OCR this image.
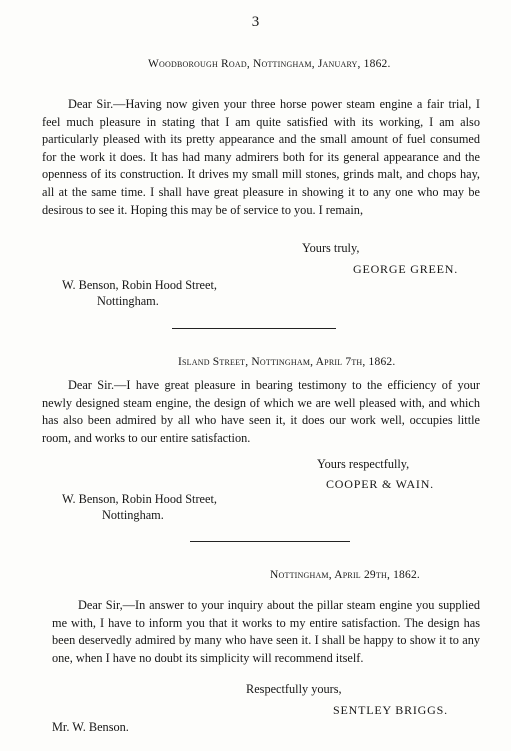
3
Woodborough Road, Nottingham, January, 1862.
Dear Sir.—Having now given your three horse power steam engine a fair trial, I feel much pleasure in stating that I am quite satisfied with its working, I am also particularly pleased with its pretty appearance and the small amount of fuel consumed for the work it does. It has had many admirers both for its general appearance and the openness of its construction. It drives my small mill stones, grinds malt, and chops hay, all at the same time. I shall have great pleasure in showing it to any one who may be desirous to see it. Hoping this may be of service to you. I remain,
Yours truly,
GEORGE GREEN.
W. Benson, Robin Hood Street,
Nottingham.
Island Street, Nottingham, April 7th, 1862.
Dear Sir.—I have great pleasure in bearing testimony to the efficiency of your newly designed steam engine, the design of which we are well pleased with, and which has also been admired by all who have seen it, it does our work well, occupies little room, and works to our entire satisfaction.
Yours respectfully,
COOPER & WAIN.
W. Benson, Robin Hood Street,
Nottingham.
Nottingham, April 29th, 1862.
Dear Sir,—In answer to your inquiry about the pillar steam engine you supplied me with, I have to inform you that it works to my entire satisfaction. The design has been deservedly admired by many who have seen it. I shall be happy to show it to any one, when I have no doubt its simplicity will recommend itself.
Respectfully yours,
SENTLEY BRIGGS.
Mr. W. Benson.
